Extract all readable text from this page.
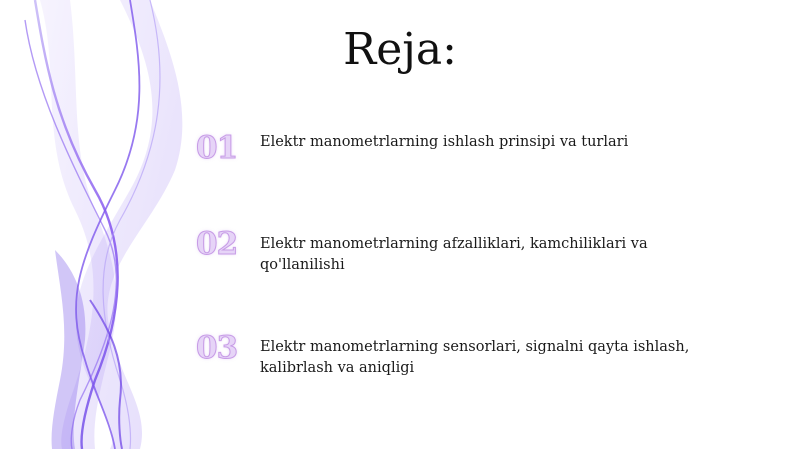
Reja:
01	Elektr manometrlarning ishlash prinsipi va turlari
02	Elektr manometrlarning afzalliklari, kamchiliklari va qo'llanilishi
03	Elektr manometrlarning sensorlari, signalni qayta ishlash, kalibrlash va aniqligi
